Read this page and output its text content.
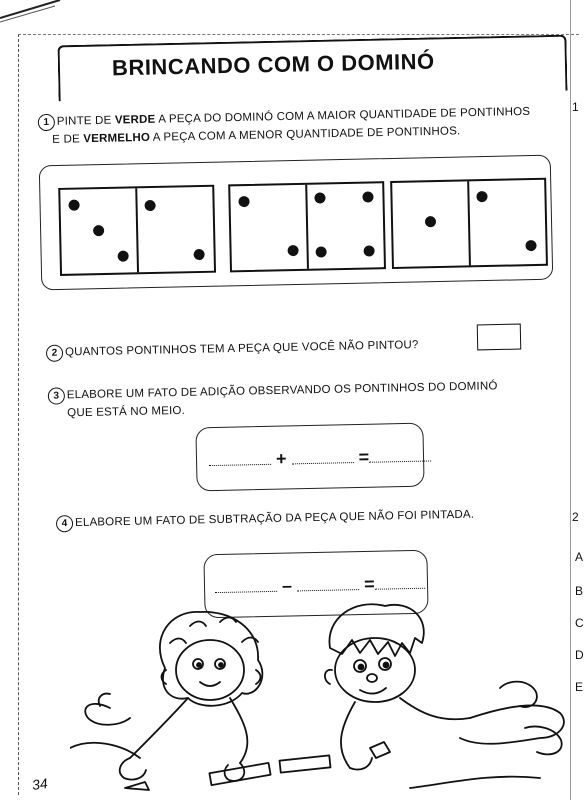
1
BRINCANDO COM O DOMINÓ
1 PINTE DE VERDE A PEÇA DO DOMINÓ COM A MAIOR QUANTIDADE DE PONTINHOS
E DE VERMELHO A PEÇA COM A MENOR QUANTIDADE DE PONTINHOS.
2 QUANTOS PONTINHOS TEM A PEÇA QUE VOCÊ NÃO PINTOU?
3 ELABORE UM FATO DE ADIÇÃO OBSERVANDO OS PONTINHOS DO DOMINÓ
QUE ESTÁ NO MEIO.
+	=
4 ELABORE UM FATO DE SUBTRAÇÃO DA PEÇA QUE NÃO FOI PINTADA.
–	=
A
B
C
D
E
2
34
